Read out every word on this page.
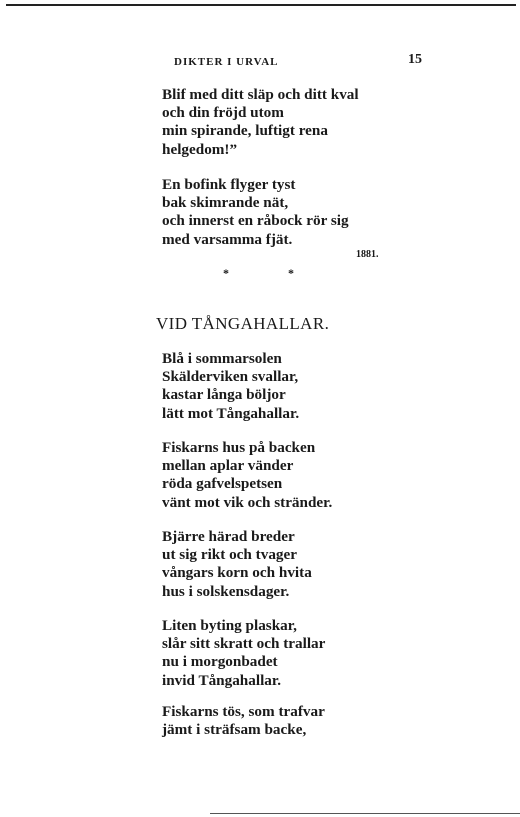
DIKTER I URVAL	15
Blif med ditt släp och ditt kval
och din fröjd utom
min spirande, luftigt rena
helgedom!”
En bofink flyger tyst
bak skimrande nät,
och innerst en råbock rör sig
med varsamma fjät.
1881.
* *
VID TÅNGAHALLAR.
Blå i sommarsolen
Skälderviken svallar,
kastar långa böljor
lätt mot Tångahallar.
Fiskarns hus på backen
mellan aplar vänder
röda gafvelspetsen
vänt mot vik och stränder.
Bjärre härad breder
ut sig rikt och tvager
vångars korn och hvita
hus i solskensdager.
Liten byting plaskar,
slår sitt skratt och trallar
nu i morgonbadet
invid Tångahallar.
Fiskarns tös, som trafvar
jämt i sträfsam backe,
